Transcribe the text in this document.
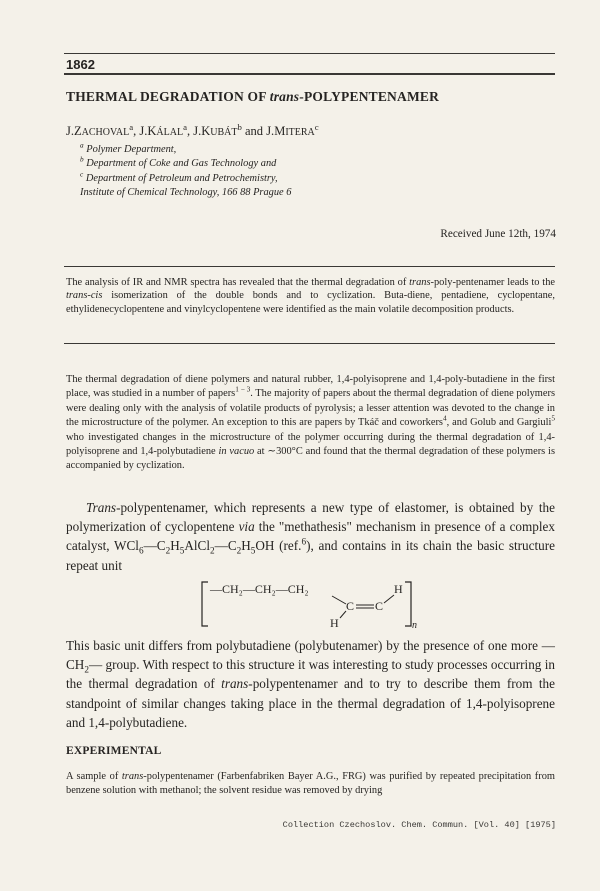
1862

THERMAL DEGRADATION OF trans-POLYPENTENAMER

J.ZACHOVAL$^a$, J.KÁLAL$^a$, J.KUBÁT$^b$ and J.MITERA$^c$

$^a$ Polymer Department,
$^b$ Department of Coke and Gas Technology and
$^c$ Department of Petroleum and Petrochemistry,
Institute of Chemical Technology, 166 88 Prague 6

Received June 12th, 1974

The analysis of IR and NMR spectra has revealed that the thermal degradation of trans-poly-pentenamer leads to the trans-cis isomerization of the double bonds and to cyclization. Buta-diene, pentadiene, cyclopentane, ethylidenecyclopentene and vinylcyclopentene were identified as the main volatile decomposition products.

The thermal degradation of diene polymers and natural rubber, 1,4-polyisoprene and 1,4-poly-butadiene in the first place, was studied in a number of papers$^{1 - 3}$. The majority of papers about the thermal degradation of diene polymers were dealing only with the analysis of volatile products of pyrolysis; a lesser attention was devoted to the change in the microstructure of the polymer. An exception to this are papers by Tkáč and coworkers$^4$, and Golub and Gargiuli$^5$ who investigated changes in the microstructure of the polymer occurring during the thermal degradation of 1,4-polyisoprene and 1,4-polybutadiene in vacuo at ∼300°C and found that the thermal degradation of these polymers is accompanied by cyclization.

Trans-polypentenamer, which represents a new type of elastomer, is obtained by the polymerization of cyclopentene via the "methathesis" mechanism in presence of a complex catalyst, $WCl_6—C_2H_5AlCl_2—C_2H_5OH$ (ref.$^6$), and contains in its chain the basic structure repeat unit

—CH₂—CH₂—CH₂
C C
H
H	n

This basic unit differs from polybutadiene (polybutenamer) by the presence of one more $—CH_2—$ group. With respect to this structure it was interesting to study processes occurring in the thermal degradation of trans-polypentenamer and to try to describe them from the standpoint of similar changes taking place in the thermal degradation of 1,4-polyisoprene and 1,4-polybutadiene.

EXPERIMENTAL

A sample of trans-polypentenamer (Farbenfabriken Bayer A.G., FRG) was purified by repeated precipitation from benzene solution with methanol; the solvent residue was removed by drying

Collection Czechoslov. Chem. Commun. [Vol. 40] [1975]
